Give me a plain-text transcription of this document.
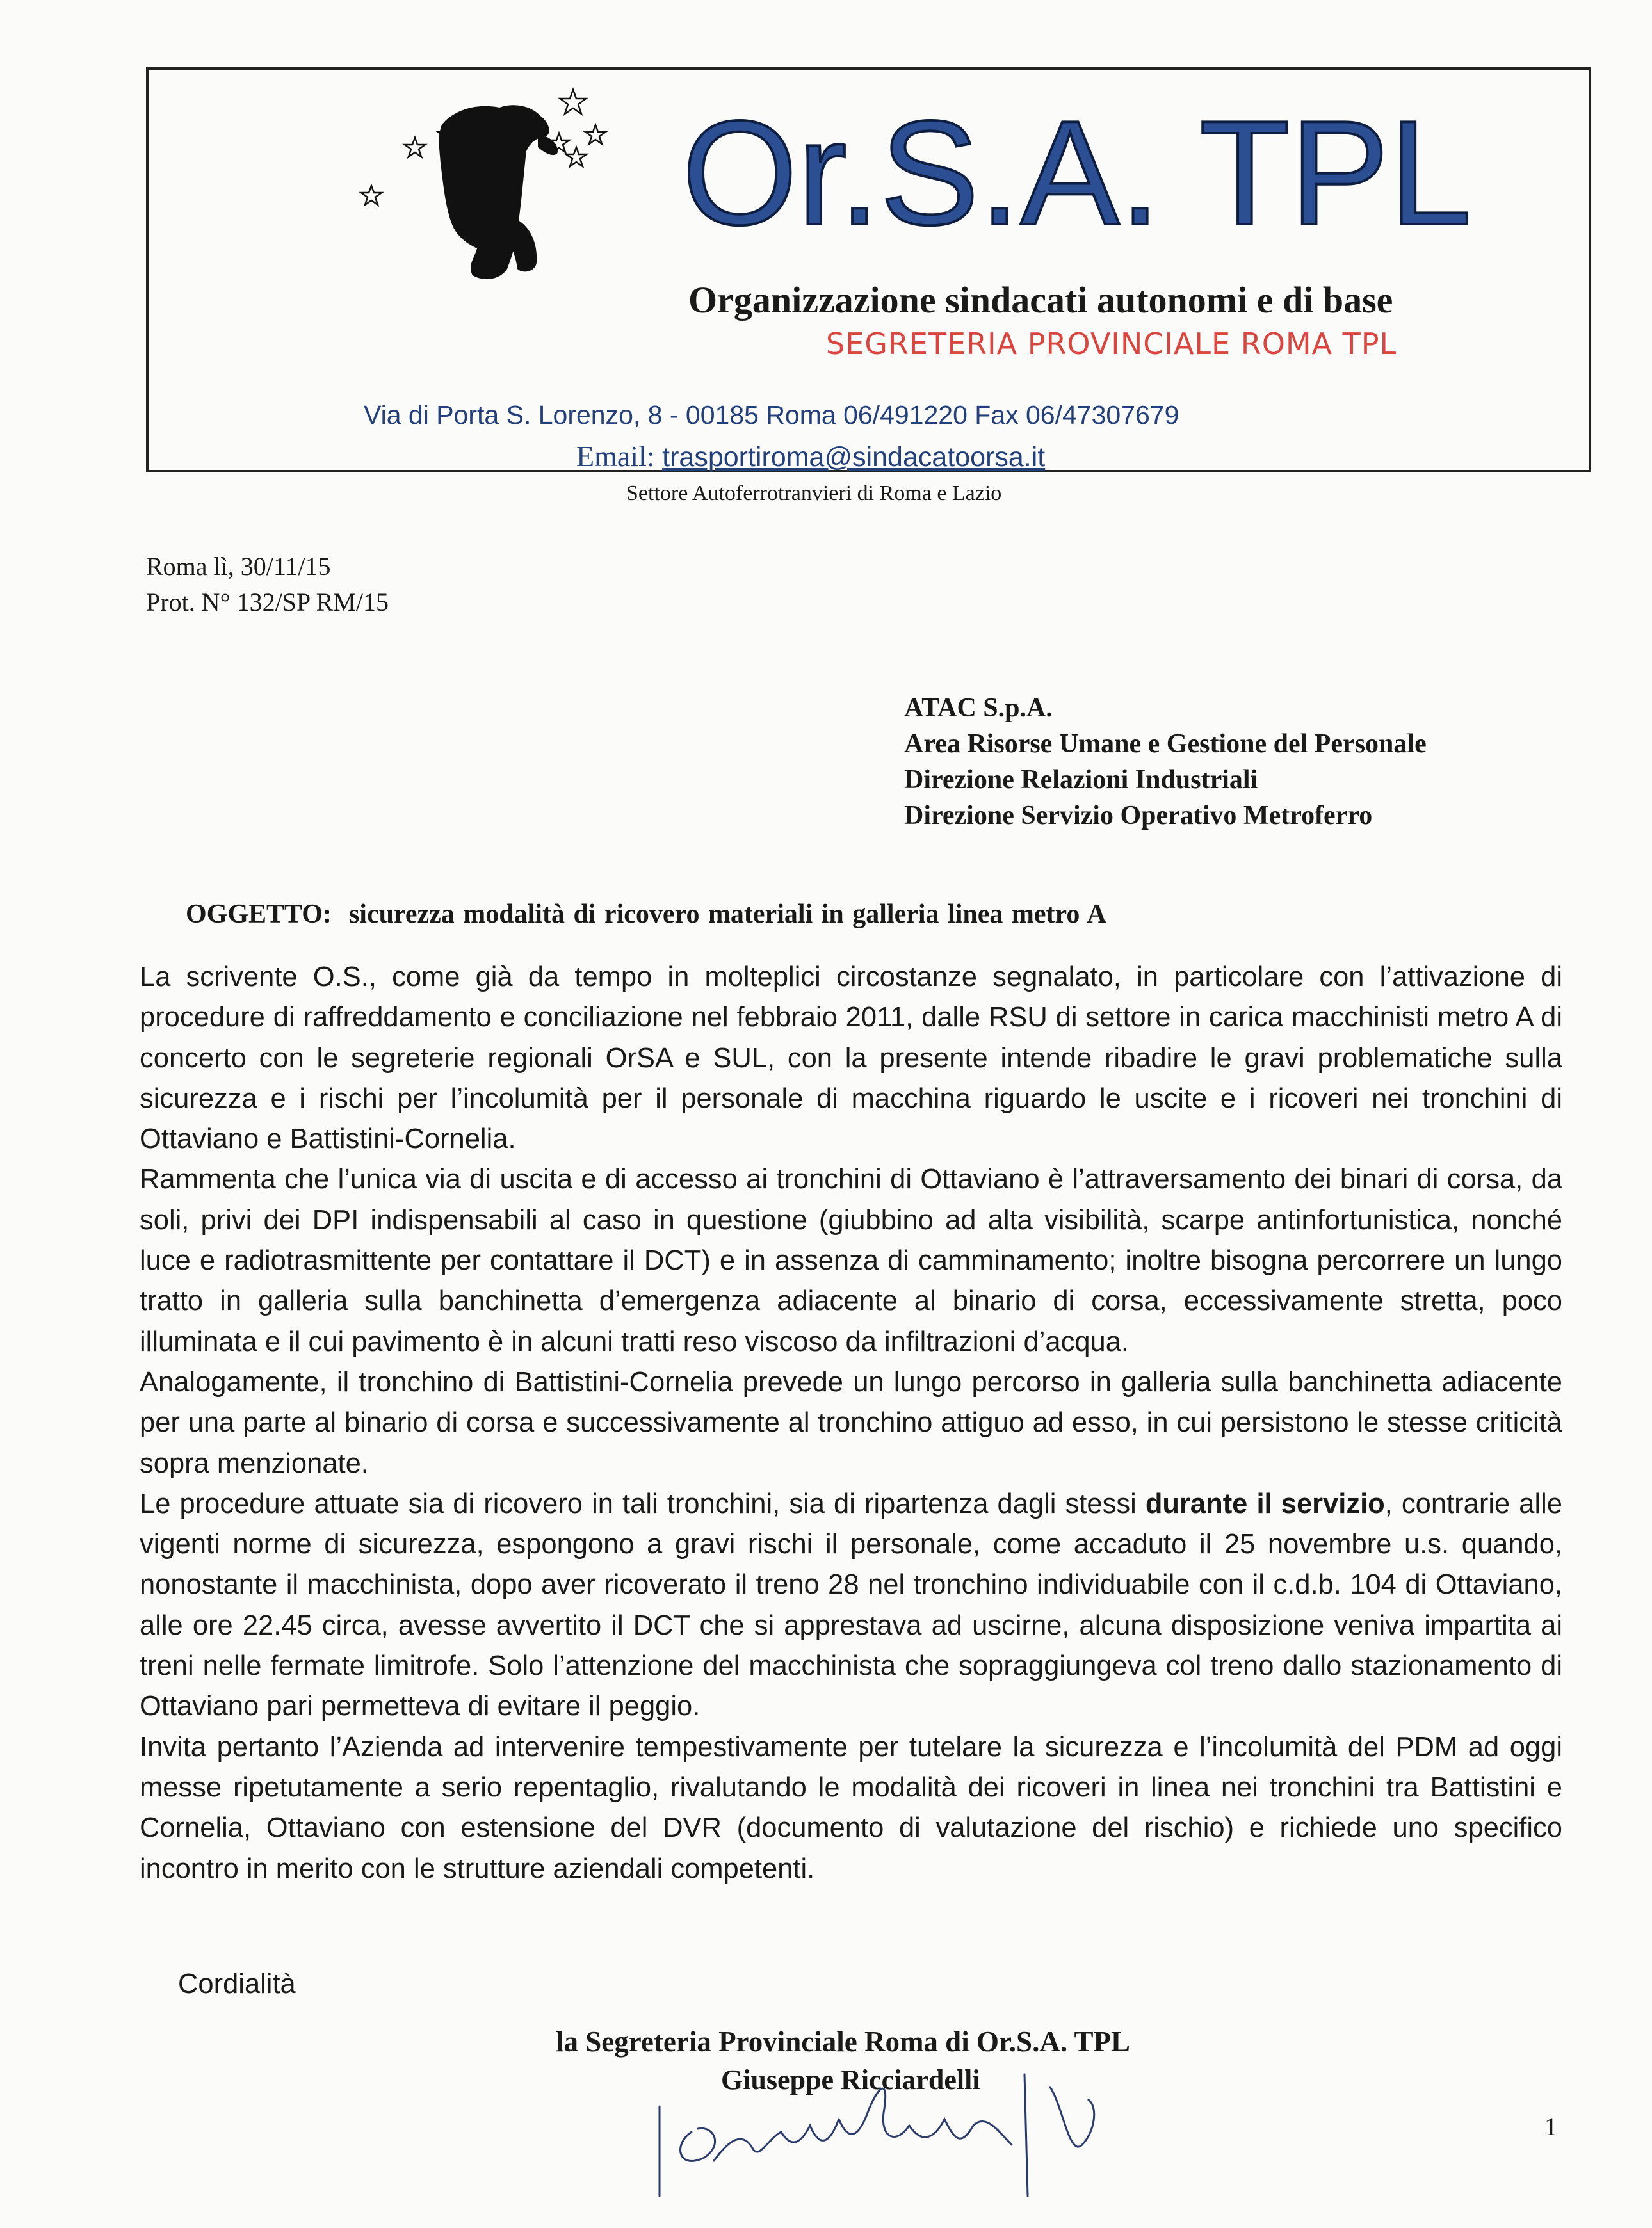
Or.S.A. TPL
Organizzazione sindacati autonomi e di base
SEGRETERIA PROVINCIALE ROMA TPL
Via di Porta S. Lorenzo, 8 - 00185 Roma 06/491220 Fax 06/47307679
Email: trasportiroma@sindacatoorsa.it
Settore Autoferrotranvieri di Roma e Lazio
Roma lì, 30/11/15
Prot. N° 132/SP RM/15
ATAC S.p.A.
Area Risorse Umane e Gestione del Personale
Direzione Relazioni Industriali
Direzione Servizio Operativo Metroferro
OGGETTO: sicurezza modalità di ricovero materiali in galleria linea metro A

La scrivente O.S., come già da tempo in molteplici circostanze segnalato, in particolare con l’attivazione di procedure di raffreddamento e conciliazione nel febbraio 2011, dalle RSU di settore in carica macchinisti metro A di concerto con le segreterie regionali OrSA e SUL, con la presente intende ribadire le gravi problematiche sulla sicurezza e i rischi per l’incolumità per il personale di macchina riguardo le uscite e i ricoveri nei tronchini di Ottaviano e Battistini-Cornelia.

Rammenta che l’unica via di uscita e di accesso ai tronchini di Ottaviano è l’attraversamento dei binari di corsa, da soli, privi dei DPI indispensabili al caso in questione (giubbino ad alta visibilità, scarpe antinfortunistica, nonché luce e radiotrasmittente per contattare il DCT) e in assenza di camminamento; inoltre bisogna percorrere un lungo tratto in galleria sulla banchinetta d’emergenza adiacente al binario di corsa, eccessivamente stretta, poco illuminata e il cui pavimento è in alcuni tratti reso viscoso da infiltrazioni d’acqua.

Analogamente, il tronchino di Battistini-Cornelia prevede un lungo percorso in galleria sulla banchinetta adiacente per una parte al binario di corsa e successivamente al tronchino attiguo ad esso, in cui persistono le stesse criticità sopra menzionate.

Le procedure attuate sia di ricovero in tali tronchini, sia di ripartenza dagli stessi durante il servizio, contrarie alle vigenti norme di sicurezza, espongono a gravi rischi il personale, come accaduto il 25 novembre u.s. quando, nonostante il macchinista, dopo aver ricoverato il treno 28 nel tronchino individuabile con il c.d.b. 104 di Ottaviano, alle ore 22.45 circa, avesse avvertito il DCT che si apprestava ad uscirne, alcuna disposizione veniva impartita ai treni nelle fermate limitrofe. Solo l’attenzione del macchinista che sopraggiungeva col treno dallo stazionamento di Ottaviano pari permetteva di evitare il peggio.

Invita pertanto l’Azienda ad intervenire tempestivamente per tutelare la sicurezza e l’incolumità del PDM ad oggi messe ripetutamente a serio repentaglio, rivalutando le modalità dei ricoveri in linea nei tronchini tra Battistini e Cornelia, Ottaviano con estensione del DVR (documento di valutazione del rischio) e richiede uno specifico incontro in merito con le strutture aziendali competenti.

Cordialità
la Segreteria Provinciale Roma di Or.S.A. TPL
Giuseppe Ricciardelli
1
